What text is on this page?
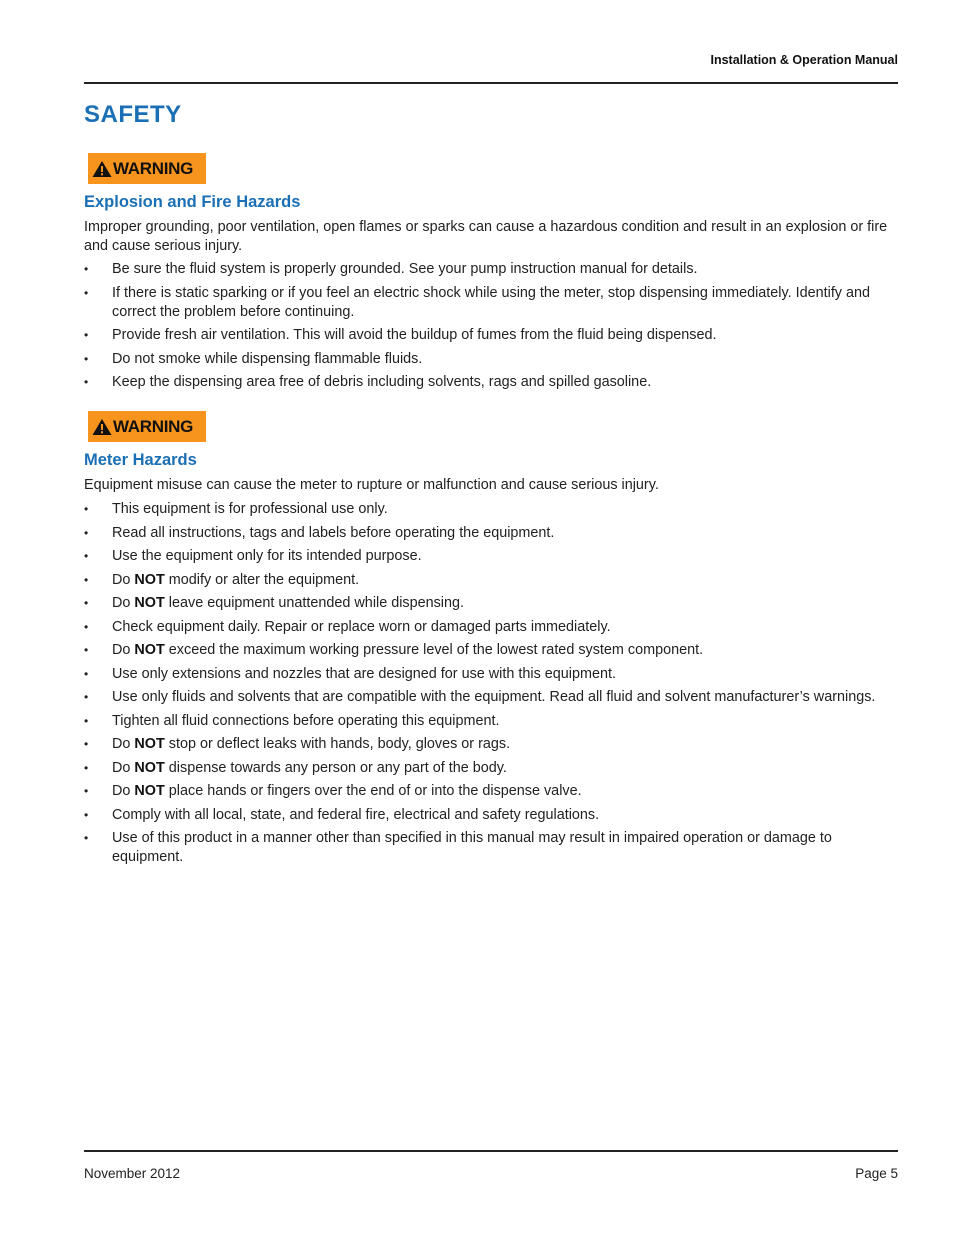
Installation & Operation Manual
SAFETY
WARNING
Explosion and Fire Hazards

Improper grounding, poor ventilation, open flames or sparks can cause a hazardous condition and result in an explosion or fire and cause serious injury.

• Be sure the fluid system is properly grounded. See your pump instruction manual for details.
• If there is static sparking or if you feel an electric shock while using the meter, stop dispensing immediately. Identify and correct the problem before continuing.
• Provide fresh air ventilation. This will avoid the buildup of fumes from the fluid being dispensed.
• Do not smoke while dispensing flammable fluids.
• Keep the dispensing area free of debris including solvents, rags and spilled gasoline.
WARNING
Meter Hazards

Equipment misuse can cause the meter to rupture or malfunction and cause serious injury.

• This equipment is for professional use only.
• Read all instructions, tags and labels before operating the equipment.
• Use the equipment only for its intended purpose.
• Do NOT modify or alter the equipment.
• Do NOT leave equipment unattended while dispensing.
• Check equipment daily. Repair or replace worn or damaged parts immediately.
• Do NOT exceed the maximum working pressure level of the lowest rated system component.
• Use only extensions and nozzles that are designed for use with this equipment.
• Use only fluids and solvents that are compatible with the equipment. Read all fluid and solvent manufacturer’s warnings.
• Tighten all fluid connections before operating this equipment.
• Do NOT stop or deflect leaks with hands, body, gloves or rags.
• Do NOT dispense towards any person or any part of the body.
• Do NOT place hands or fingers over the end of or into the dispense valve.
• Comply with all local, state, and federal fire, electrical and safety regulations.
• Use of this product in a manner other than specified in this manual may result in impaired operation or damage to equipment.
November 2012	Page 5
